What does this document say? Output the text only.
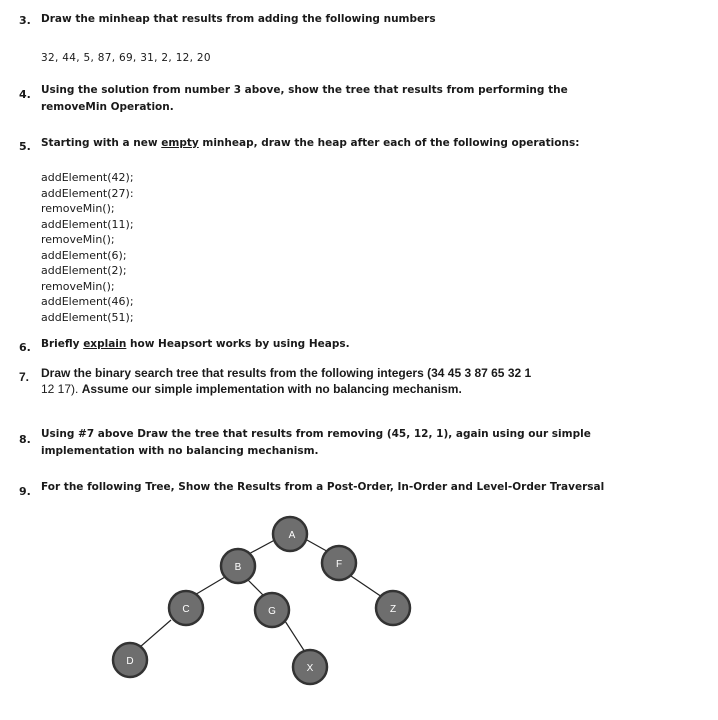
3. Draw the minheap that results from adding the following numbers
32, 44, 5, 87, 69, 31, 2, 12, 20
4. Using the solution from number 3 above, show the tree that results from performing the
removeMin Operation.
5. Starting with a new empty minheap, draw the heap after each of the following operations:
addElement(42);
addElement(27):
removeMin();
addElement(11);
removeMin();
addElement(6);
addElement(2);
removeMin();
addElement(46);
addElement(51);
6. Briefly explain how Heapsort works by using Heaps.
7. Draw the binary search tree that results from the following integers (34 45 3 87 65 32 1
12 17). Assume our simple implementation with no balancing mechanism.
8. Using #7 above Draw the tree that results from removing (45, 12, 1), again using our simple
implementation with no balancing mechanism.
9. For the following Tree, Show the Results from a Post-Order, In-Order and Level-Order Traversal
A
B	F
C	G	Z
D
X
